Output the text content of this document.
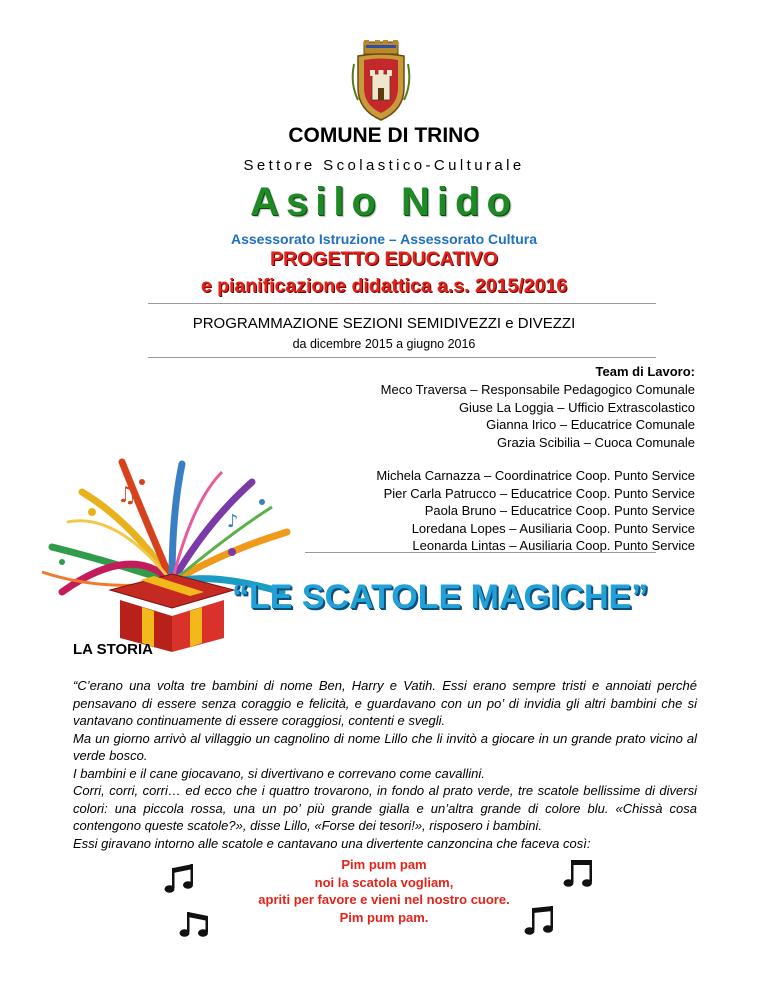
COMUNE DI TRINO
Settore Scolastico-Culturale
Asilo Nido
Assessorato Istruzione – Assessorato Cultura
PROGETTO EDUCATIVO
e pianificazione didattica a.s. 2015/2016
PROGRAMMAZIONE SEZIONI SEMIDIVEZZI e DIVEZZI
da dicembre 2015 a giugno 2016
Team di Lavoro:
Meco Traversa – Responsabile Pedagogico Comunale
Giuse La Loggia – Ufficio Extrascolastico
Gianna Irico – Educatrice Comunale
Grazia Scibilia – Cuoca Comunale
Michela Carnazza – Coordinatrice Coop. Punto Service
Pier Carla Patrucco – Educatrice Coop. Punto Service
Paola Bruno – Educatrice Coop. Punto Service
Loredana Lopes – Ausiliaria Coop. Punto Service
Leonarda Lintas – Ausiliaria Coop. Punto Service
♫
♪
“LE SCATOLE MAGICHE”
LA STORIA

“C’erano una volta tre bambini di nome Ben, Harry e Vatih. Essi erano sempre tristi e annoiati perché pensavano di essere senza coraggio e felicità, e guardavano con un po’ di invidia gli altri bambini che si vantavano continuamente di essere coraggiosi, contenti e svegli.

Ma un giorno arrivò al villaggio un cagnolino di nome Lillo che li invitò a giocare in un grande prato vicino al verde bosco.

I bambini e il cane giocavano, si divertivano e correvano come cavallini.

Corri, corri, corri… ed ecco che i quattro trovarono, in fondo al prato verde, tre scatole bellissime di diversi colori: una piccola rossa, una un po’ più grande gialla e un’altra grande di colore blu. «Chissà cosa contengono queste scatole?», disse Lillo, «Forse dei tesori!», risposero i bambini.

Essi giravano intorno alle scatole e cantavano una divertente canzoncina che faceva così:

Pim pum pam
noi la scatola vogliam,
apriti per favore e vieni nel nostro cuore.
Pim pum pam.
